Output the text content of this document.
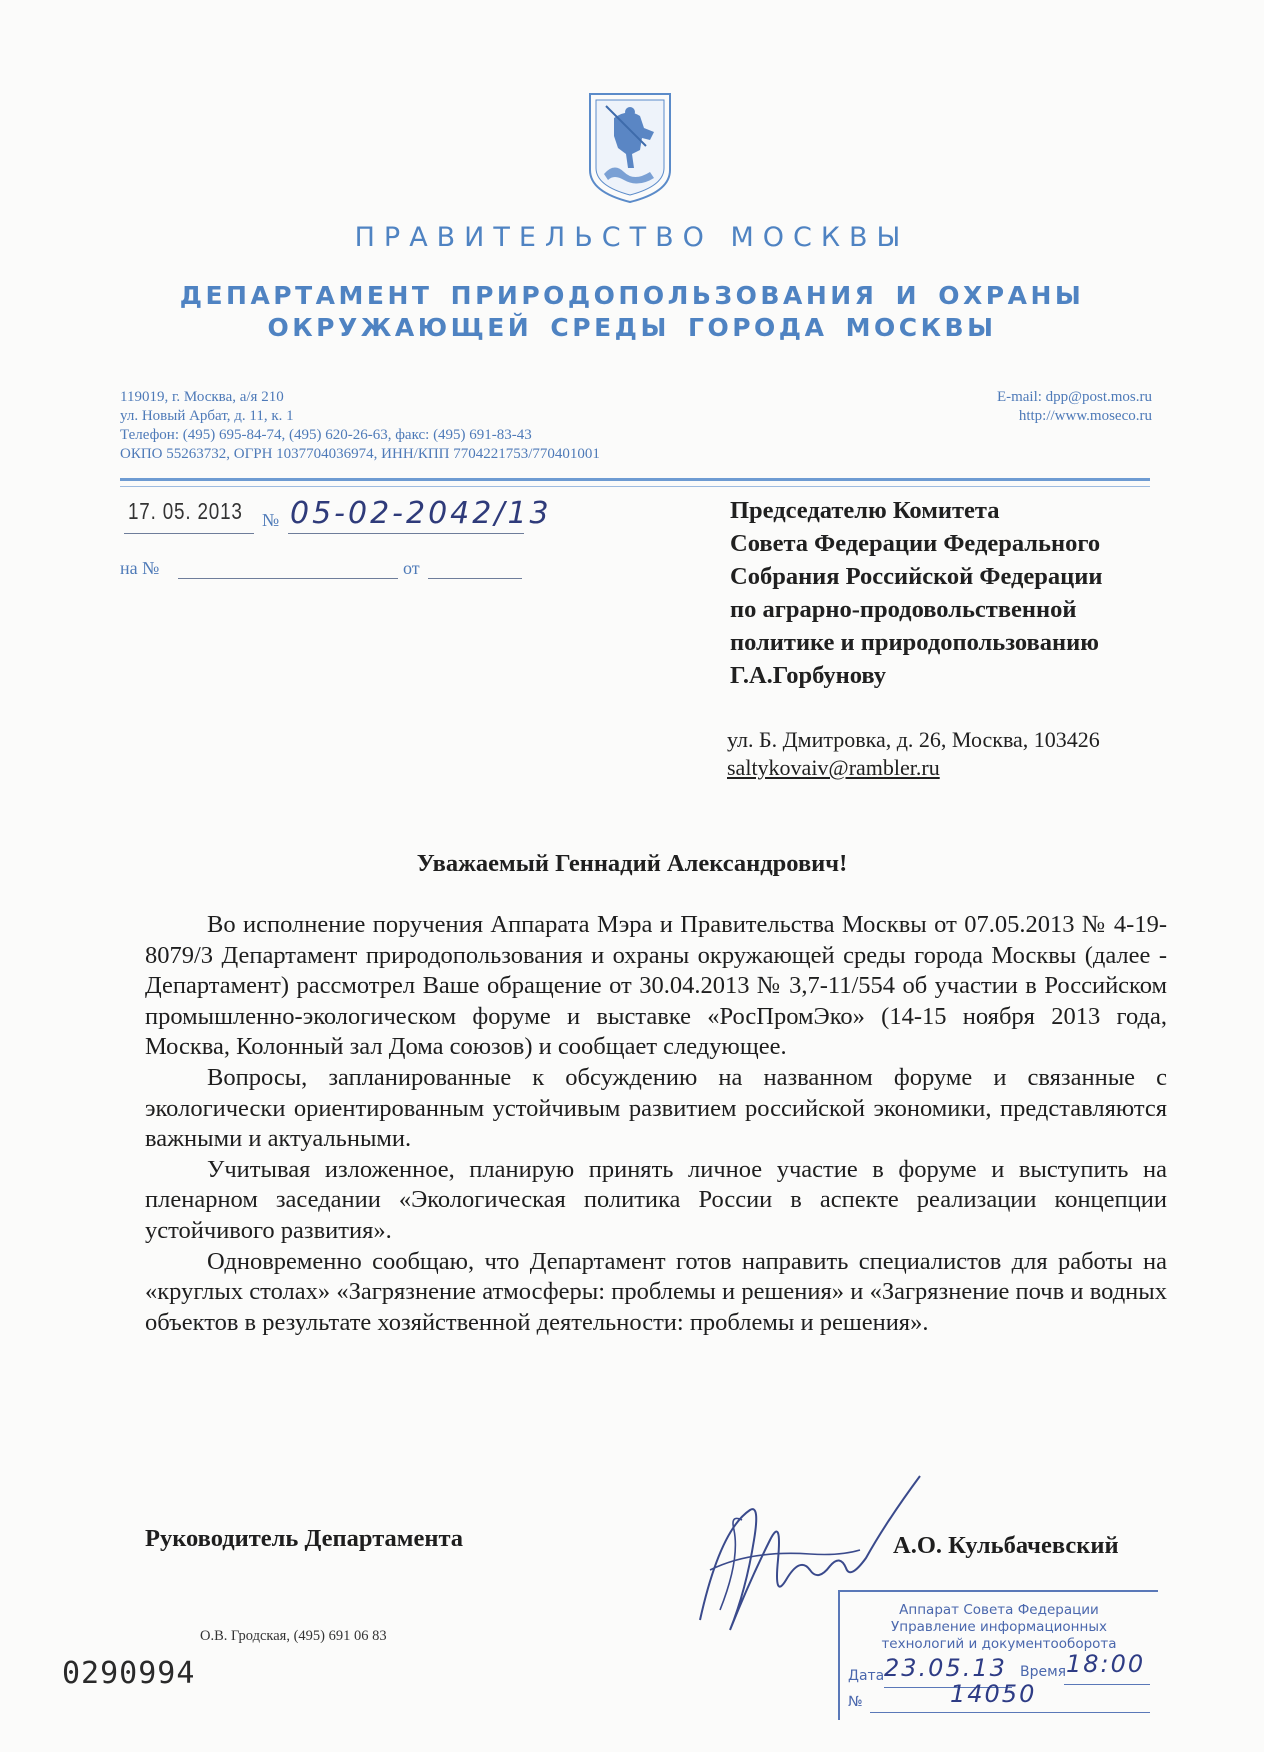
ПРАВИТЕЛЬСТВО МОСКВЫ
ДЕПАРТАМЕНТ ПРИРОДОПОЛЬЗОВАНИЯ И ОХРАНЫ
ОКРУЖАЮЩЕЙ СРЕДЫ ГОРОДА МОСКВЫ
119019, г. Москва, а/я 210
ул. Новый Арбат, д. 11, к. 1
Телефон: (495) 695-84-74, (495) 620-26-63, факс: (495) 691-83-43
ОКПО 55263732, ОГРН 1037704036974, ИНН/КПП 7704221753/770401001
E-mail: dpp@post.mos.ru
http://www.moseco.ru
17. 05. 2013 № 05-02-2042/13
на №	от
Председателю Комитета
Совета Федерации Федерального
Собрания Российской Федерации
по аграрно-продовольственной
политике и природопользованию
Г.А.Горбунову
ул. Б. Дмитровка, д. 26, Москва, 103426
saltykovaiv@rambler.ru
Уважаемый Геннадий Александрович!

Во исполнение поручения Аппарата Мэра и Правительства Москвы от 07.05.2013 № 4-19-8079/3 Департамент природопользования и охраны окружающей среды города Москвы (далее - Департамент) рассмотрел Ваше обращение от 30.04.2013 № 3,7-11/554 об участии в Российском промышленно-экологическом форуме и выставке «РосПромЭко» (14-15 ноября 2013 года, Москва, Колонный зал Дома союзов) и сообщает следующее.

Вопросы, запланированные к обсуждению на названном форуме и связанные с экологически ориентированным устойчивым развитием российской экономики, представляются важными и актуальными.

Учитывая изложенное, планирую принять личное участие в форуме и выступить на пленарном заседании «Экологическая политика России в аспекте реализации концепции устойчивого развития».

Одновременно сообщаю, что Департамент готов направить специалистов для работы на «круглых столах» «Загрязнение атмосферы: проблемы и решения» и «Загрязнение почв и водных объектов в результате хозяйственной деятельности: проблемы и решения».

Руководитель Департамента	А.О. Кульбачевский
О.В. Гродская, (495) 691 06 83
0290994
Аппарат Совета Федерации
Управление информационных
технологий и документооборота
Дата 23.05.13 Время 18:00
№	14050
